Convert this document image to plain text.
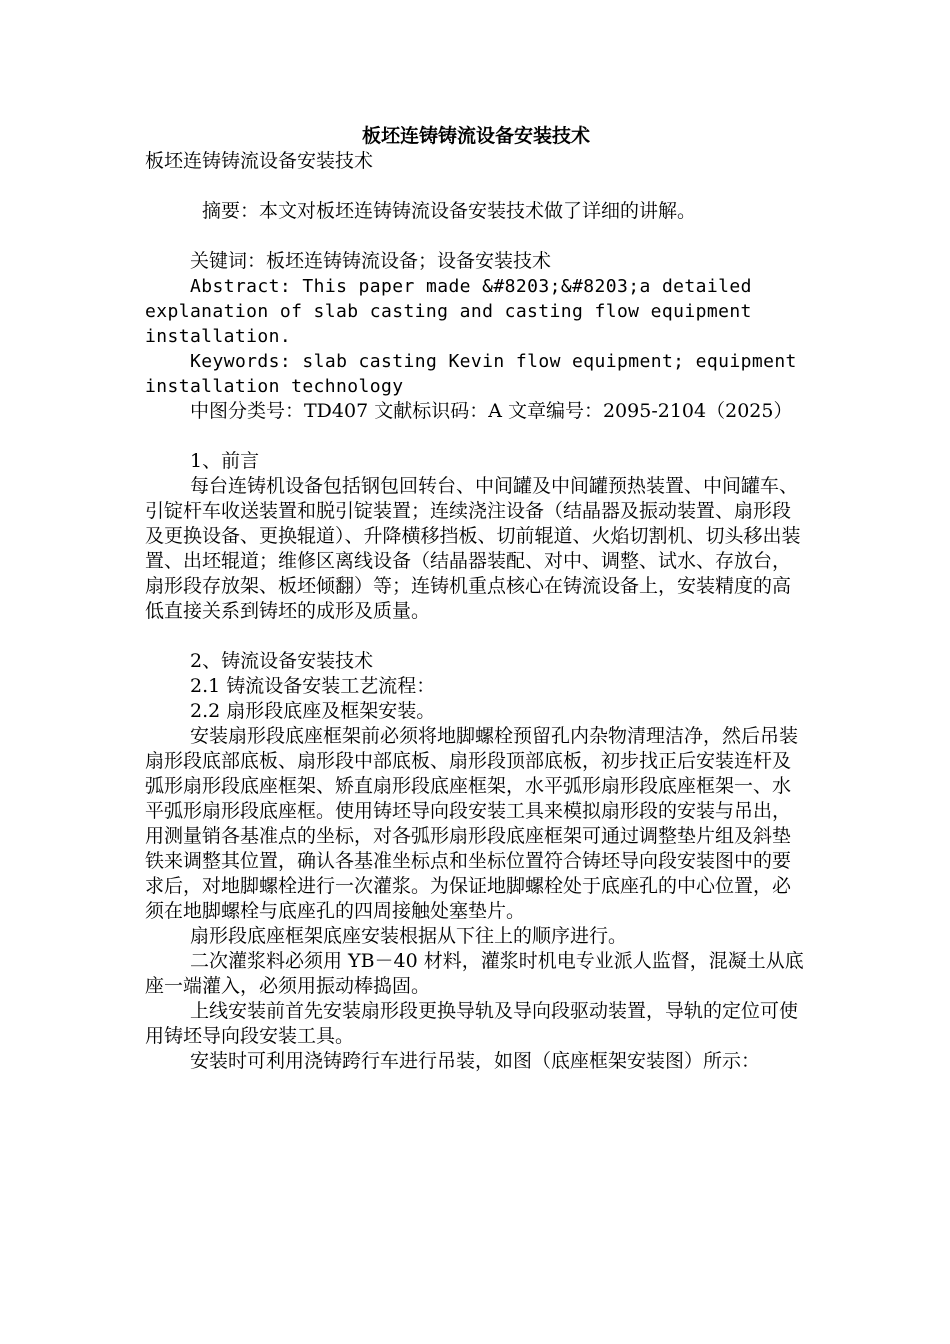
板坯连铸铸流设备安装技术

板坯连铸铸流设备安装技术

摘要：本文对板坯连铸铸流设备安装技术做了详细的讲解。

关键词：板坯连铸铸流设备；设备安装技术

Abstract: This paper made &#8203;&#8203;a detailed explanation of slab casting and casting flow equipment installation.

Keywords: slab casting Kevin flow equipment; equipment installation technology

中图分类号：TD407 文献标识码：A 文章编号：2095-2104（2025）

1、前言

每台连铸机设备包括钢包回转台、中间罐及中间罐预热装置、中间罐车、引锭杆车收送装置和脱引锭装置；连续浇注设备（结晶器及振动装置、扇形段及更换设备、更换辊道）、升降横移挡板、切前辊道、火焰切割机、切头移出装置、出坯辊道；维修区离线设备（结晶器装配、对中、调整、试水、存放台，扇形段存放架、板坯倾翻）等；连铸机重点核心在铸流设备上，安装精度的高低直接关系到铸坯的成形及质量。

2、铸流设备安装技术

2.1 铸流设备安装工艺流程：

2.2 扇形段底座及框架安装。

安装扇形段底座框架前必须将地脚螺栓预留孔内杂物清理洁净，然后吊装扇形段底部底板、扇形段中部底板、扇形段顶部底板，初步找正后安装连杆及弧形扇形段底座框架、矫直扇形段底座框架，水平弧形扇形段底座框架一、水平弧形扇形段底座框。使用铸坯导向段安装工具来模拟扇形段的安装与吊出，用测量销各基准点的坐标，对各弧形扇形段底座框架可通过调整垫片组及斜垫铁来调整其位置，确认各基准坐标点和坐标位置符合铸坯导向段安装图中的要求后，对地脚螺栓进行一次灌浆。为保证地脚螺栓处于底座孔的中心位置，必须在地脚螺栓与底座孔的四周接触处塞垫片。

扇形段底座框架底座安装根据从下往上的顺序进行。

二次灌浆料必须用 YB－40 材料，灌浆时机电专业派人监督，混凝土从底座一端灌入，必须用振动棒捣固。

上线安装前首先安装扇形段更换导轨及导向段驱动装置，导轨的定位可使用铸坯导向段安装工具。

安装时可利用浇铸跨行车进行吊装，如图（底座框架安装图）所示：
